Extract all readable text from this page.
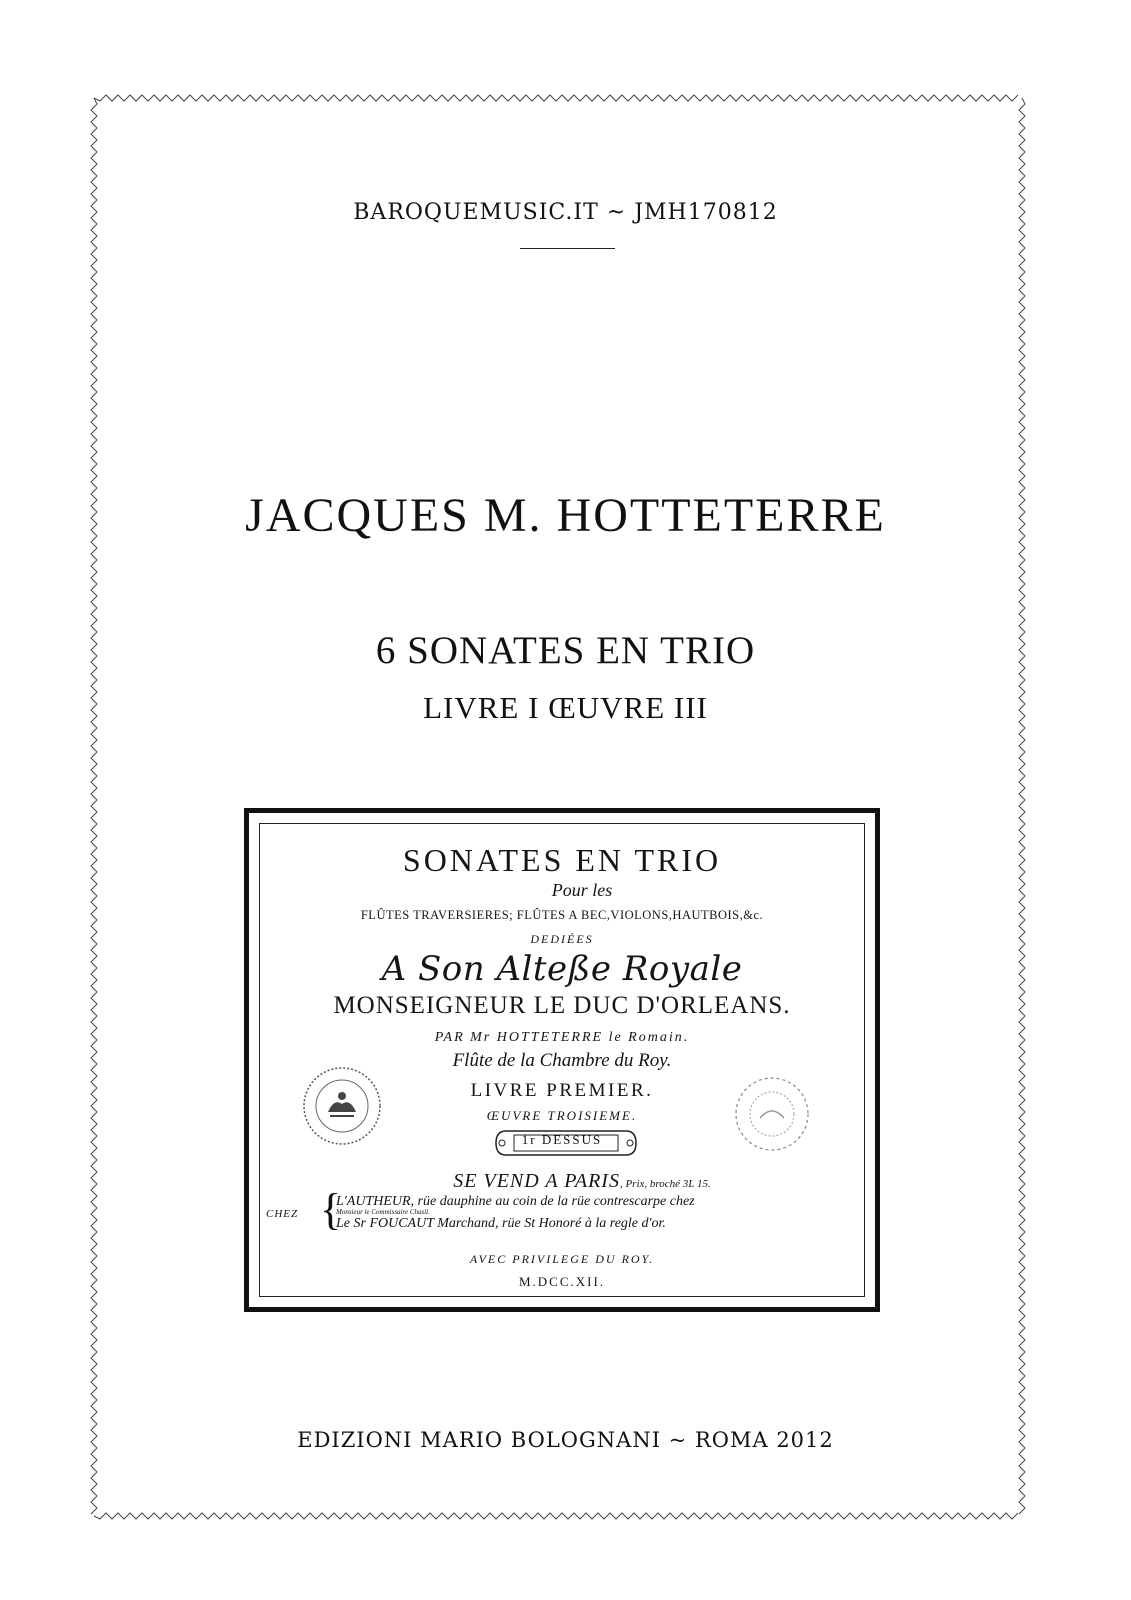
BAROQUEMUSIC.IT ~ JMH170812
JACQUES M. HOTTETERRE
6 SONATES EN TRIO
LIVRE I ŒUVRE III
SONATES EN TRIO
Pour les
FLÛTES TRAVERSIERES; FLÛTES A BEC,VIOLONS,HAUTBOIS,&c.
DEDIÉES
A Son Alteße Royale
MONSEIGNEUR LE DUC D'ORLEANS.
PAR Mr HOTTETERRE le Romain.
Flûte de la Chambre du Roy.
LIVRE PREMIER.
ŒUVRE TROISIEME.
1r DESSUS
SE VEND A PARIS, Prix, broché 3L 15.
CHEZ {
L'AUTHEUR, rüe dauphine au coin de la rüe contrescarpe chez
Monsieur le Commissaire Chasil.
Le Sr FOUCAUT Marchand, rüe St Honoré à la regle d'or.
AVEC PRIVILEGE DU ROY.
M.DCC.XII.
EDIZIONI MARIO BOLOGNANI ~ ROMA 2012
